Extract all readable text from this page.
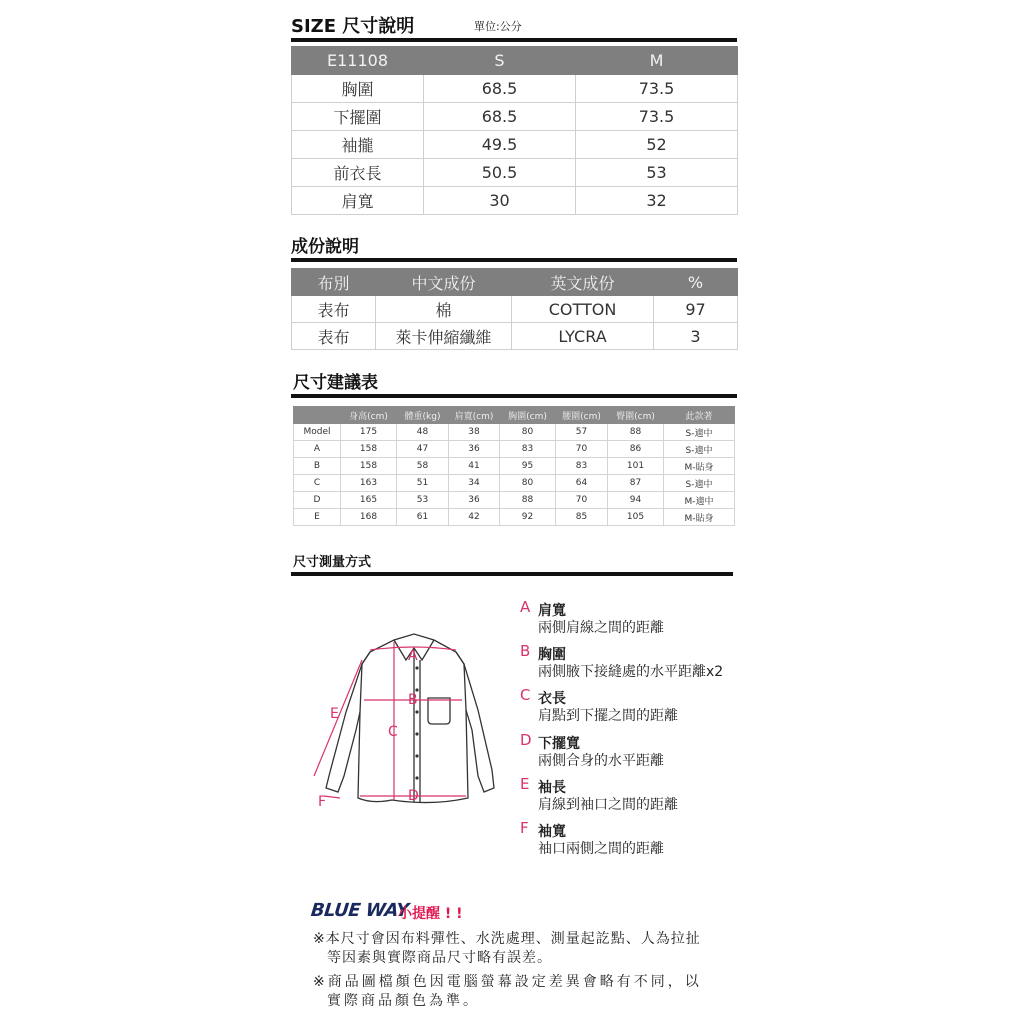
SIZE 尺寸說明	單位:公分
E11108	S	M
胸圍	68.5	73.5
下擺圍	68.5	73.5
袖攏	49.5	52
前衣長	50.5	53
肩寬	30	32
成份說明
布別	中文成份	英文成份	%
表布	棉	COTTON	97
表布	萊卡伸縮纖維	LYCRA	3
尺寸建議表
	身高(cm)	體重(kg)	肩寬(cm)	胸圍(cm)	腰圍(cm)	臀圍(cm)	此款著
Model	175	48	38	80	57	88	S-適中
A	158	47	36	83	70	86	S-適中
B	158	58	41	95	83	101	M-貼身
C	163	51	34	80	64	87	S-適中
D	165	53	36	88	70	94	M-適中
E	168	61	42	92	85	105	M-貼身
尺寸測量方式
A
B
C
D
E
F
A 肩寬
兩側肩線之間的距離
B 胸圍
兩側腋下接縫處的水平距離x2
C 衣長
肩點到下擺之間的距離
D 下擺寬
兩側合身的水平距離
E 袖長
肩線到袖口之間的距離
F 袖寬
袖口兩側之間的距離
BLUE WAY
小提醒 ! !
※本尺寸會因布料彈性、水洗處理、測量起訖點、人為拉扯
等因素與實際商品尺寸略有誤差。
※商品圖檔顏色因電腦螢幕設定差異會略有不同，以
實際商品顏色為準。
